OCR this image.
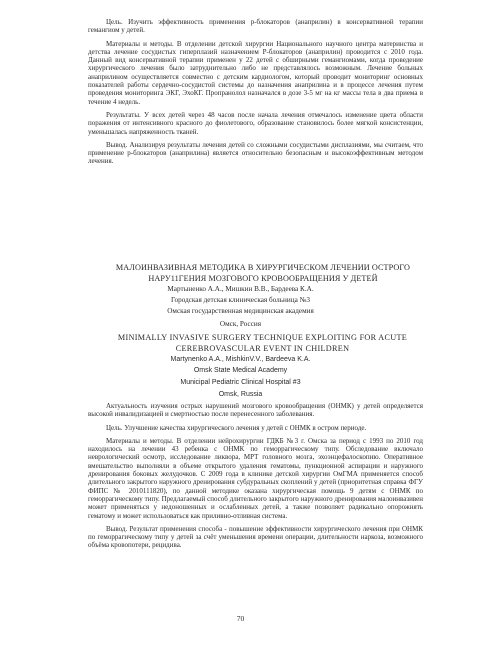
Цель. Изучить эффективность применения р-блокаторов (анаприлин) в консервативной терапии гемангиом у детей.

Материалы и методы. В отделении детской хирургии Национального научного центра материнства и детства лечение сосудистых гиперплазий назначением Р-блокаторов (анаприлин) проводится с 2010 года. Данный вид консервативной терапии применен у 22 детей с обширными гемангиомами, когда проведение хирургического лечения было затруднительно либо не представлялось возможным. Лечение больных анаприлином осуществляется совместно с детским кардиологом, который проводит мониторинг основных показателей работы сердечно-сосудистой системы до назначения анаприлина и в процессе лечения путем проведения мониторинга ЭКГ, ЭхоКГ. Пропранолол назначался в дозе 3-5 мг на кг массы тела в два приема в течение 4 недель.

Результаты. У всех детей через 48 часов после начала лечения отмечалось изменение цвета области поражения от интенсивного красного до фиолетового, образование становилось более мягкой консистенции, уменьшалась напряженность тканей.

Вывод. Анализируя результаты лечения детей со сложными сосудистыми дисплазиями, мы считаем, что применение р-блокаторов (анаприлина) является относительно безопасным и высокоэффективным методом лечения.

МАЛОИНВАЗИВНАЯ МЕТОДИКА В ХИРУРГИЧЕСКОМ ЛЕЧЕНИИ ОСТРОГО НАРУ11ГЕНИЯ МОЗГОВОГО КРОВООБРАЩЕНИЯ У ДЕТЕЙ
Мартыненко А.А., Мишкин В.В., Бардеева К.А.
Городская детская клиническая больница №3
Омская государственная медицинская академия
Омск, Россия
MINIMALLY INVASIVE SURGERY TECHNIQUE EXPLOITING FOR ACUTE CEREBROVASCULAR EVENT IN CHILDREN
Martynenko A.A., MishkinV.V., Bardeeva K.A.
Omsk State Medical Academy
Municipal Pediatric Clinical Hospital #3
Omsk, Russia

Актуальность изучения острых нарушений мозгового кровообращения (ОНМК) у детей определяется высокой инвалидизацией и смертностью после перенесенного заболевания.

Цель. Улучшение качества хирургического лечения у детей с ОНМК в остром периоде.

Материалы и методы. В отделении нейрохирургии ГДКБ №3 г. Омска за период с 1993 по 2010 год находилось на лечении 43 ребенка с ОНМК по геморрагическому типу. Обследование включало неврологический осмотр, исследование ликвора, МРТ головного мозга, эхоэнцефалоскопию. Оперативное вмешательство выполняли в объеме открытого удаления гематомы, пункционной аспирации и наружного дренирования боковых желудочков. С 2009 года в клинике детской хирургии ОмГМА применяется способ длительного закрытого наружного дренирования субдуральных скоплений у детей (приоритетная справка ФГУ ФИПС № 2010111820), по данной методике оказана хирургическая помощь 9 детям с ОНМК по геморрагическому типу. Предлагаемый способ длительного закрытого наружного дренирования малоинвазивен может применяться у недоношенных и ослабленных детей, а также позволяет радикально опорожнять гематому и может использоваться как приливно-отливная система.

Вывод. Результат применения способа - повышение эффективности хирургического лечения при ОНМК по геморрагическому типу у детей за счёт уменьшения времени операции, длительности наркоза, возможного объёма кровопотери, рецидива.

70
